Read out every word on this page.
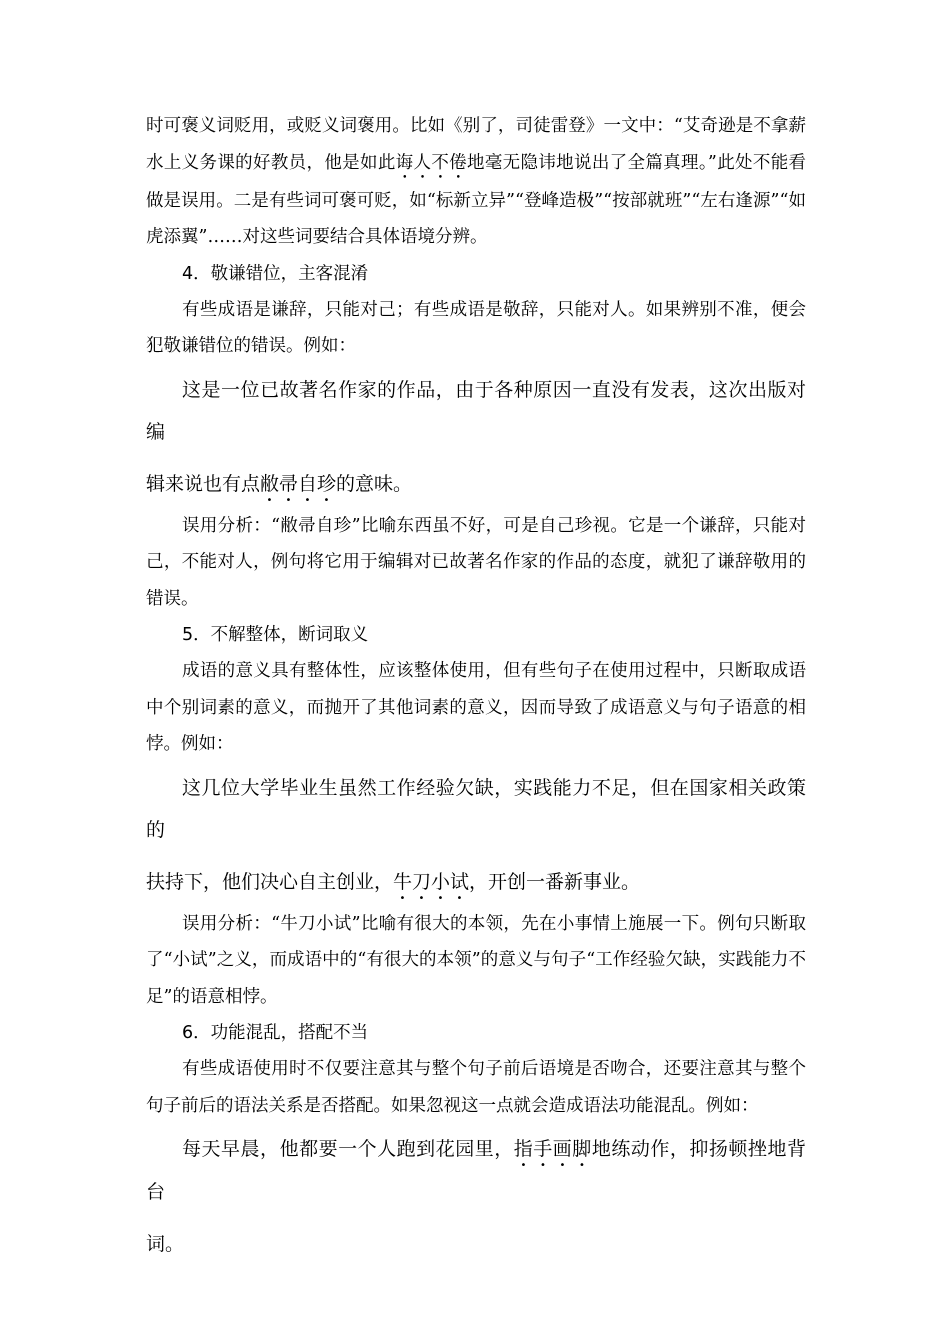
时可褒义词贬用，或贬义词褒用。比如《别了，司徒雷登》一文中：“艾奇逊是不拿薪水上义务课的好教员，他是如此诲人不倦地毫无隐讳地说出了全篇真理。”此处不能看做是误用。二是有些词可褒可贬，如“标新立异”“登峰造极”“按部就班”“左右逢源”“如虎添翼”……对这些词要结合具体语境分辨。

4．敬谦错位，主客混淆

有些成语是谦辞，只能对己；有些成语是敬辞，只能对人。如果辨别不准，便会犯敬谦错位的错误。例如：

这是一位已故著名作家的作品，由于各种原因一直没有发表，这次出版对编
辑来说也有点敝帚自珍的意味。

误用分析：“敝帚自珍”比喻东西虽不好，可是自己珍视。它是一个谦辞，只能对己，不能对人，例句将它用于编辑对已故著名作家的作品的态度，就犯了谦辞敬用的错误。

5．不解整体，断词取义

成语的意义具有整体性，应该整体使用，但有些句子在使用过程中，只断取成语中个别词素的意义，而抛开了其他词素的意义，因而导致了成语意义与句子语意的相悖。例如：

这几位大学毕业生虽然工作经验欠缺，实践能力不足，但在国家相关政策的
扶持下，他们决心自主创业，牛刀小试，开创一番新事业。

误用分析：“牛刀小试”比喻有很大的本领，先在小事情上施展一下。例句只断取了“小试”之义，而成语中的“有很大的本领”的意义与句子“工作经验欠缺，实践能力不足”的语意相悖。

6．功能混乱，搭配不当

有些成语使用时不仅要注意其与整个句子前后语境是否吻合，还要注意其与整个句子前后的语法关系是否搭配。如果忽视这一点就会造成语法功能混乱。例如：

每天早晨，他都要一个人跑到花园里，指手画脚地练动作，抑扬顿挫地背台
词。
